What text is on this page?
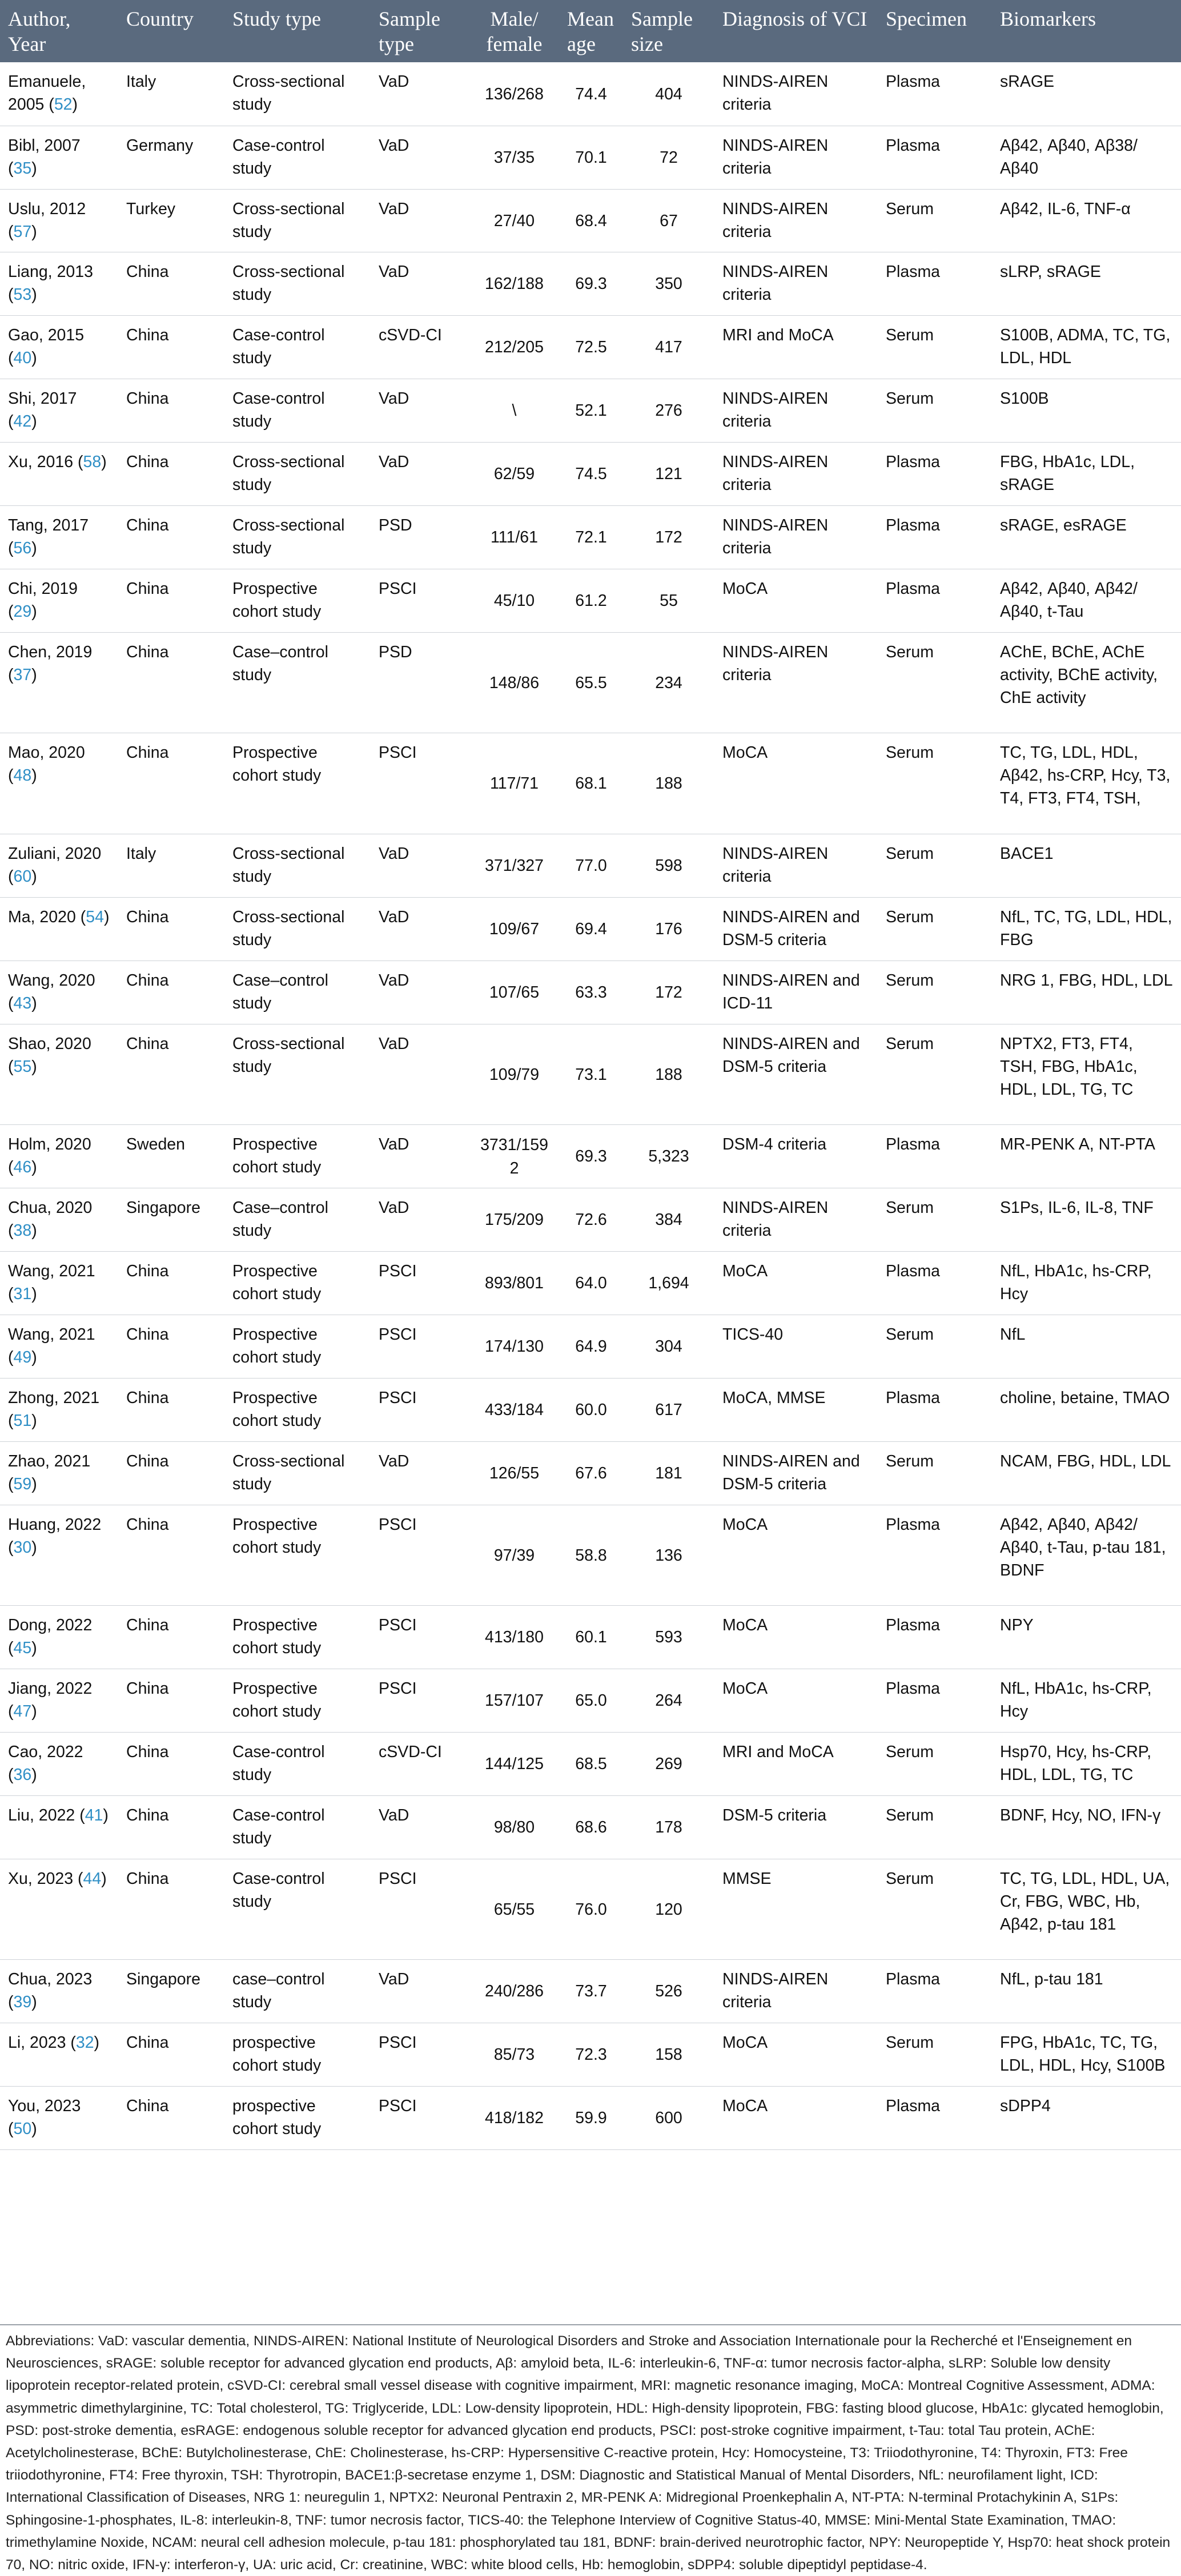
Author, Year	Country	Study type	Sample type	Male/ female	Mean age	Sample size	Diagnosis of VCI	Specimen	Biomarkers
Emanuele, 2005 (52)	Italy	Cross-sectional study	VaD	136/268	74.4	404	NINDS-AIREN criteria	Plasma	sRAGE
Bibl, 2007 (35)	Germany	Case-control study	VaD	37/35	70.1	72	NINDS-AIREN criteria	Plasma	Aβ42, Aβ40, Aβ38/ Aβ40
Uslu, 2012 (57)	Turkey	Cross-sectional study	VaD	27/40	68.4	67	NINDS-AIREN criteria	Serum	Aβ42, IL-6, TNF-α
Liang, 2013 (53)	China	Cross-sectional study	VaD	162/188	69.3	350	NINDS-AIREN criteria	Plasma	sLRP, sRAGE
Gao, 2015 (40)	China	Case-control study	cSVD-CI	212/205	72.5	417	MRI and MoCA	Serum	S100B, ADMA, TC, TG, LDL, HDL
Shi, 2017 (42)	China	Case-control study	VaD	\	52.1	276	NINDS-AIREN criteria	Serum	S100B
Xu, 2016 (58)	China	Cross-sectional study	VaD	62/59	74.5	121	NINDS-AIREN criteria	Plasma	FBG, HbA1c, LDL, sRAGE
Tang, 2017 (56)	China	Cross-sectional study	PSD	111/61	72.1	172	NINDS-AIREN criteria	Plasma	sRAGE, esRAGE
Chi, 2019 (29)	China	Prospective cohort study	PSCI	45/10	61.2	55	MoCA	Plasma	Aβ42, Aβ40, Aβ42/ Aβ40, t-Tau
Chen, 2019 (37)	China	Case–control study	PSD	148/86	65.5	234	NINDS-AIREN criteria	Serum	AChE, BChE, AChE activity, BChE activity, ChE activity
Mao, 2020 (48)	China	Prospective cohort study	PSCI	117/71	68.1	188	MoCA	Serum	TC, TG, LDL, HDL, Aβ42, hs-CRP, Hcy, T3, T4, FT3, FT4, TSH,
Zuliani, 2020 (60)	Italy	Cross-sectional study	VaD	371/327	77.0	598	NINDS-AIREN criteria	Serum	BACE1
Ma, 2020 (54)	China	Cross-sectional study	VaD	109/67	69.4	176	NINDS-AIREN and DSM-5 criteria	Serum	NfL, TC, TG, LDL, HDL, FBG
Wang, 2020 (43)	China	Case–control study	VaD	107/65	63.3	172	NINDS-AIREN and ICD-11	Serum	NRG 1, FBG, HDL, LDL
Shao, 2020 (55)	China	Cross-sectional study	VaD	109/79	73.1	188	NINDS-AIREN and DSM-5 criteria	Serum	NPTX2, FT3, FT4, TSH, FBG, HbA1c, HDL, LDL, TG, TC
Holm, 2020 (46)	Sweden	Prospective cohort study	VaD	3731/1592	69.3	5,323	DSM-4 criteria	Plasma	MR-PENK A, NT-PTA
Chua, 2020 (38)	Singapore	Case–control study	VaD	175/209	72.6	384	NINDS-AIREN criteria	Serum	S1Ps, IL-6, IL-8, TNF
Wang, 2021 (31)	China	Prospective cohort study	PSCI	893/801	64.0	1,694	MoCA	Plasma	NfL, HbA1c, hs-CRP, Hcy
Wang, 2021 (49)	China	Prospective cohort study	PSCI	174/130	64.9	304	TICS-40	Serum	NfL
Zhong, 2021 (51)	China	Prospective cohort study	PSCI	433/184	60.0	617	MoCA, MMSE	Plasma	choline, betaine, TMAO
Zhao, 2021 (59)	China	Cross-sectional study	VaD	126/55	67.6	181	NINDS-AIREN and DSM-5 criteria	Serum	NCAM, FBG, HDL, LDL
Huang, 2022 (30)	China	Prospective cohort study	PSCI	97/39	58.8	136	MoCA	Plasma	Aβ42, Aβ40, Aβ42/ Aβ40, t-Tau, p-tau 181, BDNF
Dong, 2022 (45)	China	Prospective cohort study	PSCI	413/180	60.1	593	MoCA	Plasma	NPY
Jiang, 2022 (47)	China	Prospective cohort study	PSCI	157/107	65.0	264	MoCA	Plasma	NfL, HbA1c, hs-CRP, Hcy
Cao, 2022 (36)	China	Case-control study	cSVD-CI	144/125	68.5	269	MRI and MoCA	Serum	Hsp70, Hcy, hs-CRP, HDL, LDL, TG, TC
Liu, 2022 (41)	China	Case-control study	VaD	98/80	68.6	178	DSM-5 criteria	Serum	BDNF, Hcy, NO, IFN-γ
Xu, 2023 (44)	China	Case-control study	PSCI	65/55	76.0	120	MMSE	Serum	TC, TG, LDL, HDL, UA, Cr, FBG, WBC, Hb, Aβ42, p-tau 181
Chua, 2023 (39)	Singapore	case–control study	VaD	240/286	73.7	526	NINDS-AIREN criteria	Plasma	NfL, p-tau 181
Li, 2023 (32)	China	prospective cohort study	PSCI	85/73	72.3	158	MoCA	Serum	FPG, HbA1c, TC, TG, LDL, HDL, Hcy, S100B
You, 2023 (50)	China	prospective cohort study	PSCI	418/182	59.9	600	MoCA	Plasma	sDPP4
Abbreviations: VaD: vascular dementia, NINDS-AIREN: National Institute of Neurological Disorders and Stroke and Association Internationale pour la Recherché et l'Enseignement en Neurosciences, sRAGE: soluble receptor for advanced glycation end products, Aβ: amyloid beta, IL-6: interleukin-6, TNF-α: tumor necrosis factor-alpha, sLRP: Soluble low density lipoprotein receptor-related protein, cSVD-CI: cerebral small vessel disease with cognitive impairment, MRI: magnetic resonance imaging, MoCA: Montreal Cognitive Assessment, ADMA: asymmetric dimethylarginine, TC: Total cholesterol, TG: Triglyceride, LDL: Low-density lipoprotein, HDL: High-density lipoprotein, FBG: fasting blood glucose, HbA1c: glycated hemoglobin, PSD: post-stroke dementia, esRAGE: endogenous soluble receptor for advanced glycation end products, PSCI: post-stroke cognitive impairment, t-Tau: total Tau protein, AChE: Acetylcholinesterase, BChE: Butylcholinesterase, ChE: Cholinesterase, hs-CRP: Hypersensitive C-reactive protein, Hcy: Homocysteine, T3: Triiodothyronine, T4: Thyroxin, FT3: Free triiodothyronine, FT4: Free thyroxin, TSH: Thyrotropin, BACE1:β-secretase enzyme 1, DSM: Diagnostic and Statistical Manual of Mental Disorders, NfL: neurofilament light, ICD: International Classification of Diseases, NRG 1: neuregulin 1, NPTX2: Neuronal Pentraxin 2, MR-PENK A: Midregional Proenkephalin A, NT-PTA: N-terminal Protachykinin A, S1Ps: Sphingosine-1-phosphates, IL-8: interleukin-8, TNF: tumor necrosis factor, TICS-40: the Telephone Interview of Cognitive Status-40, MMSE: Mini-Mental State Examination, TMAO: trimethylamine Noxide, NCAM: neural cell adhesion molecule, p-tau 181: phosphorylated tau 181, BDNF: brain-derived neurotrophic factor, NPY: Neuropeptide Y, Hsp70: heat shock protein 70, NO: nitric oxide, IFN-γ: interferon-γ, UA: uric acid, Cr: creatinine, WBC: white blood cells, Hb: hemoglobin, sDPP4: soluble dipeptidyl peptidase-4.
